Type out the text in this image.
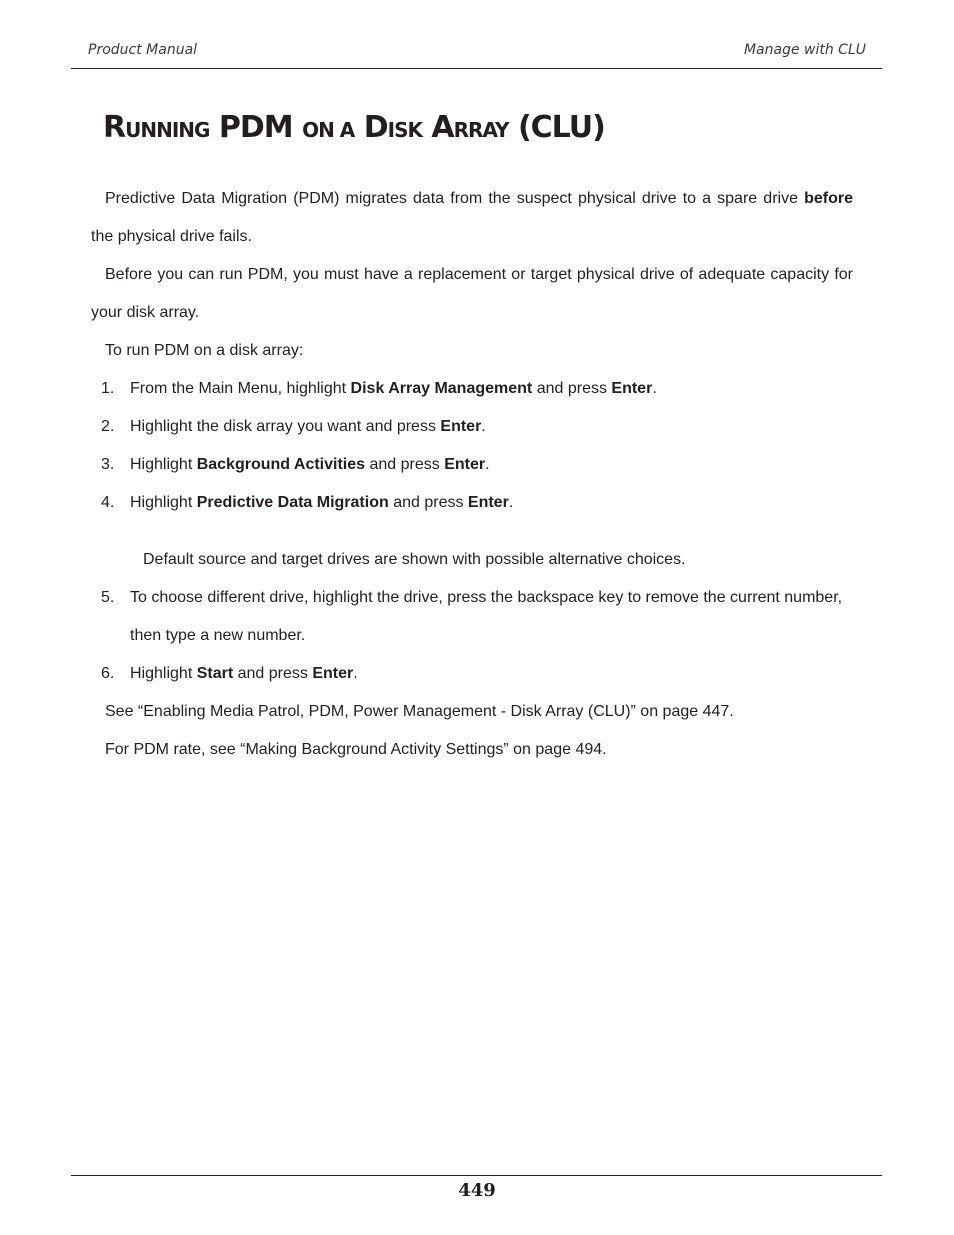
Product Manual	Manage with CLU
RUNNING PDM ON A DISK ARRAY (CLU)

Predictive Data Migration (PDM) migrates data from the suspect physical drive to a spare drive before the physical drive fails.

Before you can run PDM, you must have a replacement or target physical drive of adequate capacity for your disk array.

To run PDM on a disk array:

1. From the Main Menu, highlight Disk Array Management and press Enter.
2. Highlight the disk array you want and press Enter.
3. Highlight Background Activities and press Enter.
4. Highlight Predictive Data Migration and press Enter.

Default source and target drives are shown with possible alternative choices.

5. To choose different drive, highlight the drive, press the backspace key to remove the current number, then type a new number.
6. Highlight Start and press Enter.

See “Enabling Media Patrol, PDM, Power Management - Disk Array (CLU)” on page 447.

For PDM rate, see “Making Background Activity Settings” on page 494.

449
